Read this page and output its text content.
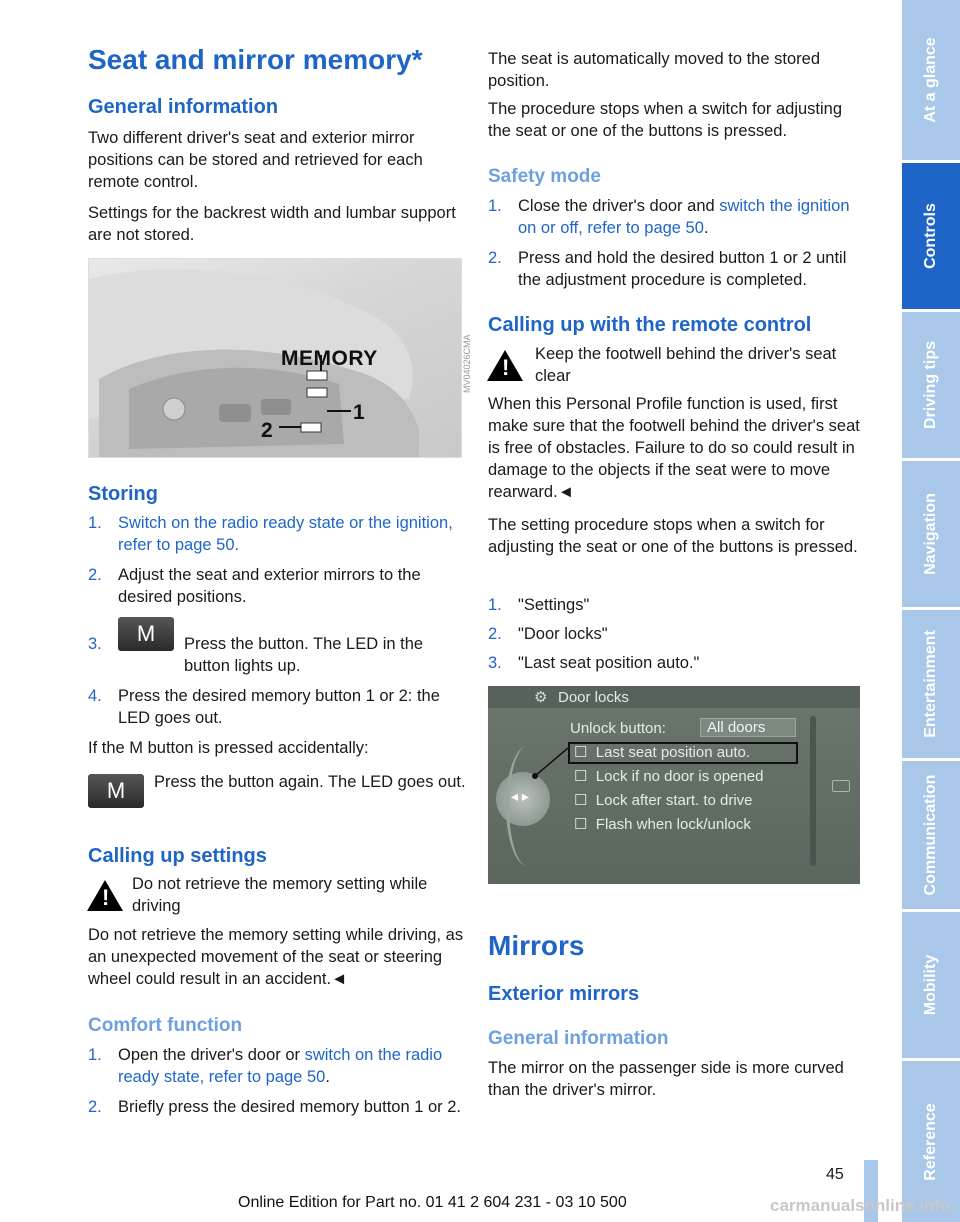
Seat and mirror memory*
General information
Two different driver's seat and exterior mirror positions can be stored and retrieved for each remote control.
Settings for the backrest width and lumbar support are not stored.
MEMORY
1
2
MV04026CMA
Storing
1. Switch on the radio ready state or the ignition, refer to page 50.
2. Adjust the seat and exterior mirrors to the desired positions.
3.	Press the button. The LED in the button lights up.
M
4. Press the desired memory button 1 or 2: the LED goes out.
If the M button is pressed accidentally:
M	Press the button again. The LED goes out.
Calling up settings
!
Do not retrieve the memory setting while driving
Do not retrieve the memory setting while driving, as an unexpected movement of the seat or steering wheel could result in an accident.◄
Comfort function
1. Open the driver's door or switch on the radio ready state, refer to page 50.
2. Briefly press the desired memory button 1 or 2.
The seat is automatically moved to the stored position.
The procedure stops when a switch for adjusting the seat or one of the buttons is pressed.
Safety mode
1. Close the driver's door and switch the ignition on or off, refer to page 50.
2. Press and hold the desired button 1 or 2 until the adjustment procedure is completed.
Calling up with the remote control
!
Keep the footwell behind the driver's seat clear
When this Personal Profile function is used, first make sure that the footwell behind the driver's seat is free of obstacles. Failure to do so could result in damage to the objects if the seat were to move rearward.◄
The setting procedure stops when a switch for adjusting the seat or one of the buttons is pressed.
1. "Settings"
2. "Door locks"
3. "Last seat position auto."
⚙ Door locks
Unlock button:	All doors
☐ Last seat position auto.
☐ Lock if no door is opened
☐ Lock after start. to drive
☐ Flash when lock/unlock
◂ ▸
Mirrors
Exterior mirrors
General information
The mirror on the passenger side is more curved than the driver's mirror.
At a glance
Controls
Driving tips
Navigation
Entertainment
Communication
Mobility
Reference
45
Online Edition for Part no. 01 41 2 604 231 - 03 10 500	carmanualsonline.info
